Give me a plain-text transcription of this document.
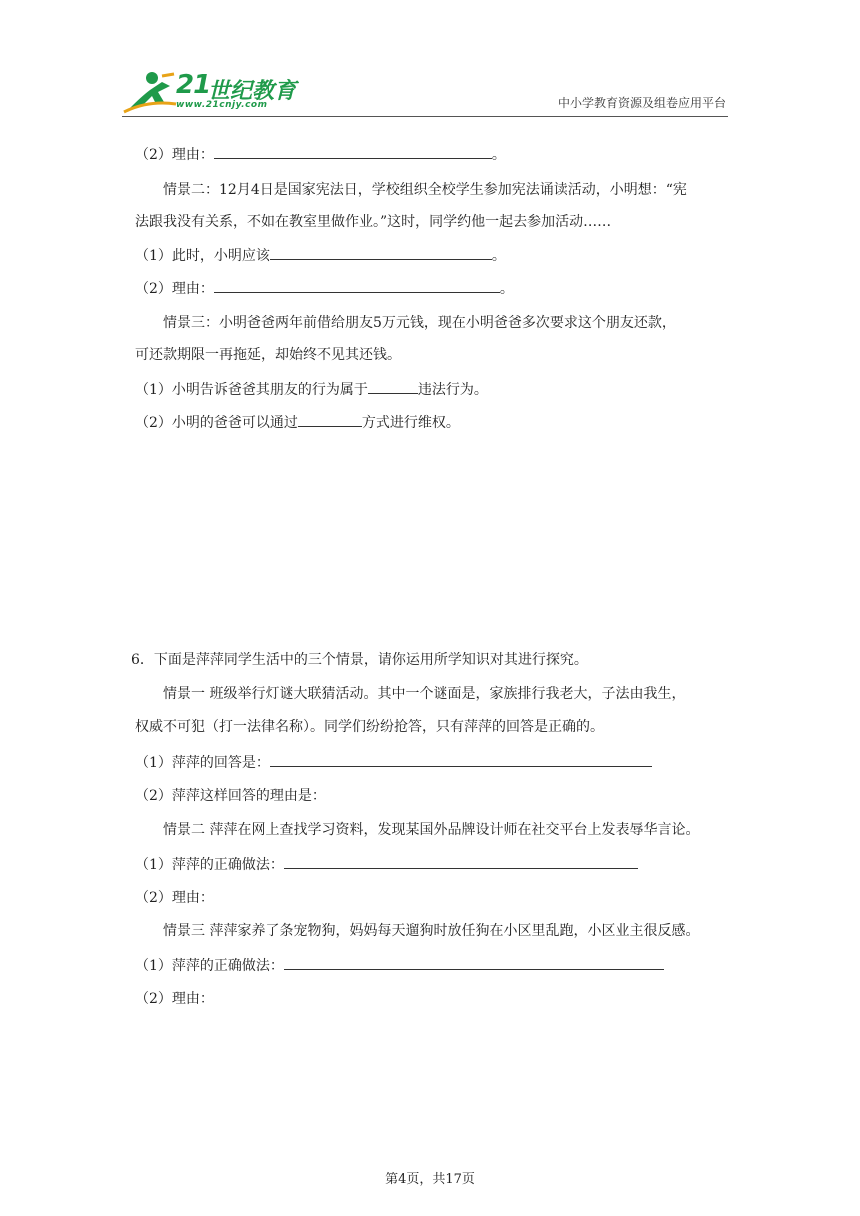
21
世纪教育
www.21cnjy.com	中小学教育资源及组卷应用平台
（2）理由：	。
情景二：12月4日是国家宪法日，学校组织全校学生参加宪法诵读活动，小明想：“宪
法跟我没有关系，不如在教室里做作业。”这时，同学约他一起去参加活动……
（1）此时，小明应该	。
（2）理由：	。
情景三：小明爸爸两年前借给朋友5万元钱，现在小明爸爸多次要求这个朋友还款，
可还款期限一再拖延，却始终不见其还钱。
（1）小明告诉爸爸其朋友的行为属于	违法行为。
（2）小明的爸爸可以通过	方式进行维权。
6．下面是萍萍同学生活中的三个情景，请你运用所学知识对其进行探究。
情景一 班级举行灯谜大联猜活动。其中一个谜面是，家族排行我老大，子法由我生，
权威不可犯（打一法律名称）。同学们纷纷抢答，只有萍萍的回答是正确的。
（1）萍萍的回答是：
（2）萍萍这样回答的理由是：
情景二 萍萍在网上查找学习资料，发现某国外品牌设计师在社交平台上发表辱华言论。
（1）萍萍的正确做法：
（2）理由：
情景三 萍萍家养了条宠物狗，妈妈每天遛狗时放任狗在小区里乱跑，小区业主很反感。
（1）萍萍的正确做法：
（2）理由：
第4页，共17页
